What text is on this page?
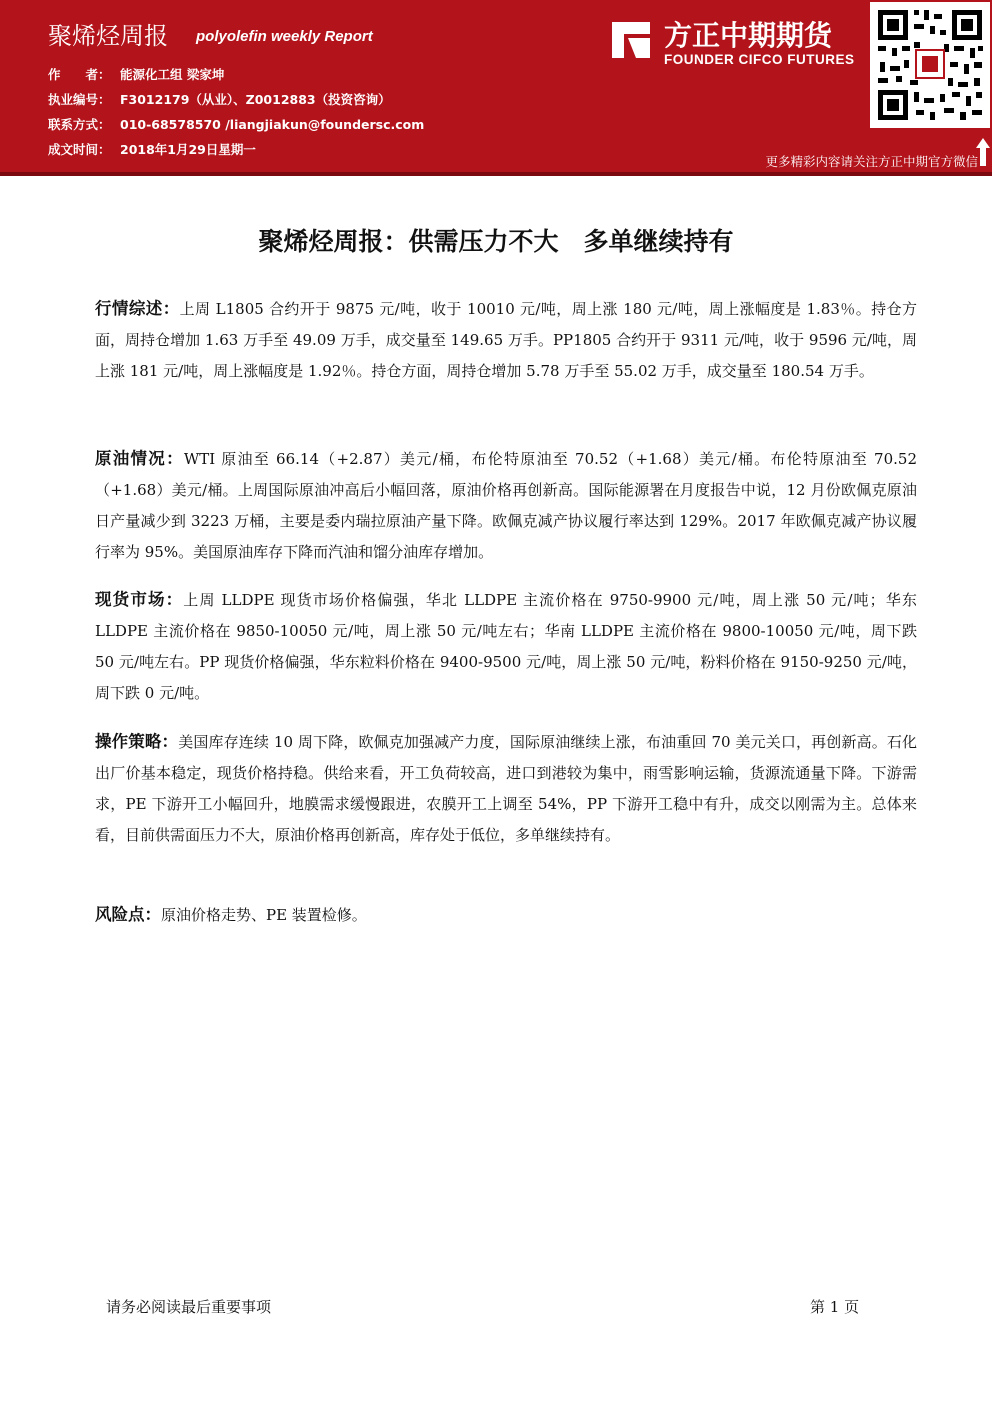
聚烯烃周报 polyolefin weekly Report
作　　者： 能源化工组 梁家坤
执业编号： F3012179（从业）、Z0012883（投资咨询）
联系方式： 010-68578570 /liangjiakun@foundersc.com
成文时间： 2018年1月29日星期一
方正中期期货
FOUNDER CIFCO FUTURES
更多精彩内容请关注方正中期官方微信
聚烯烃周报：供需压力不大　多单继续持有
行情综述：上周 L1805 合约开于 9875 元/吨，收于 10010 元/吨，周上涨 180 元/吨，周上涨幅度是 1.83％。持仓方面，周持仓增加 1.63 万手至 49.09 万手，成交量至 149.65 万手。PP1805 合约开于 9311 元/吨，收于 9596 元/吨，周上涨 181 元/吨，周上涨幅度是 1.92％。持仓方面，周持仓增加 5.78 万手至 55.02 万手，成交量至 180.54 万手。
原油情况：WTI 原油至 66.14（+2.87）美元/桶，布伦特原油至 70.52（+1.68）美元/桶。布伦特原油至 70.52（+1.68）美元/桶。上周国际原油冲高后小幅回落，原油价格再创新高。国际能源署在月度报告中说，12 月份欧佩克原油日产量减少到 3223 万桶，主要是委内瑞拉原油产量下降。欧佩克减产协议履行率达到 129%。2017 年欧佩克减产协议履行率为 95%。美国原油库存下降而汽油和馏分油库存增加。
现货市场：上周 LLDPE 现货市场价格偏强，华北 LLDPE 主流价格在 9750-9900 元/吨，周上涨 50 元/吨；华东 LLDPE 主流价格在 9850-10050 元/吨，周上涨 50 元/吨左右；华南 LLDPE 主流价格在 9800-10050 元/吨，周下跌 50 元/吨左右。PP 现货价格偏强，华东粒料价格在 9400-9500 元/吨，周上涨 50 元/吨，粉料价格在 9150-9250 元/吨，周下跌 0 元/吨。
操作策略：美国库存连续 10 周下降，欧佩克加强减产力度，国际原油继续上涨，布油重回 70 美元关口，再创新高。石化出厂价基本稳定，现货价格持稳。供给来看，开工负荷较高，进口到港较为集中，雨雪影响运输，货源流通量下降。下游需求，PE 下游开工小幅回升，地膜需求缓慢跟进，农膜开工上调至 54%，PP 下游开工稳中有升，成交以刚需为主。总体来看，目前供需面压力不大，原油价格再创新高，库存处于低位，多单继续持有。
风险点：原油价格走势、PE 装置检修。
请务必阅读最后重要事项	第 1 页
